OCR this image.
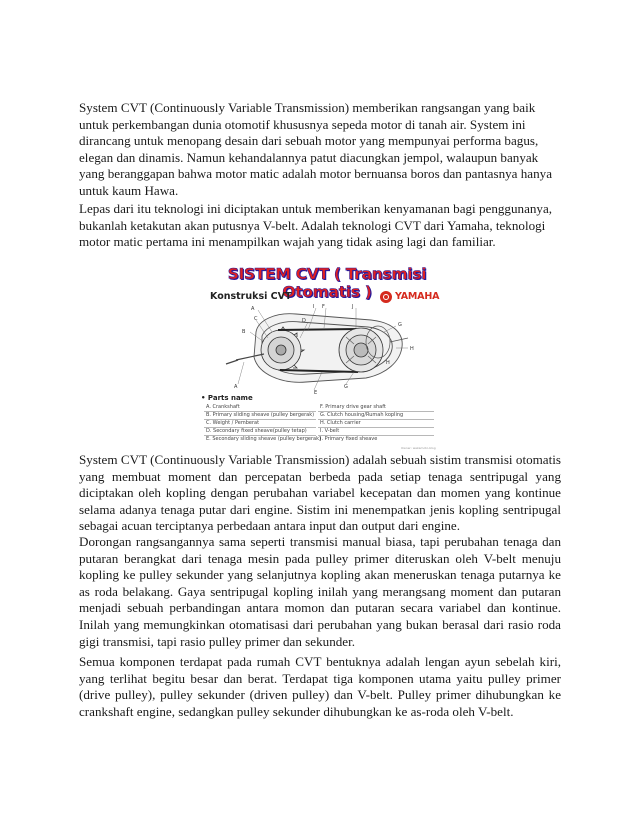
System CVT (Continuously Variable Transmission) memberikan rangsangan yang baik untuk perkembangan dunia otomotif khususnya sepeda motor di tanah air. System ini dirancang untuk menopang desain dari sebuah motor yang mempunyai performa bagus, elegan dan dinamis. Namun kehandalannya patut diacungkan jempol, walaupun banyak yang beranggapan bahwa motor matic adalah motor bernuansa boros dan pantasnya hanya untuk kaum Hawa.

Lepas dari itu teknologi ini diciptakan untuk memberikan kenyamanan bagi penggunanya, bukanlah ketakutan akan putusnya V-belt. Adalah teknologi CVT dari Yamaha, teknologi motor matic pertama ini menampilkan wajah yang tidak asing lagi dan familiar.

SISTEM CVT ( Transmisi Otomatis )
Konstruksi CVT	YAMAHA
A
C
B
I F	J
D
A
E
G
G
H
H
• Parts name
A. Crankshaft
B. Primary sliding sheave (pulley bergerak)
C. Weight / Pemberat
D. Secondary fixed sheave(pulley tetap)
E. Secondary sliding sheave (pulley bergerak)
F. Primary drive gear shaft
G. Clutch housing/Rumah kopling
H. Clutch carrier
I. V-belt
J. Primary fixed sheave
Owner: wakamoto.blog

System CVT (Continuously Variable Transmission) adalah sebuah sistim transmisi otomatis yang membuat moment dan percepatan berbeda pada setiap tenaga sentripugal yang diciptakan oleh kopling dengan perubahan variabel kecepatan dan momen yang kontinue selama adanya tenaga putar dari engine. Sistim ini menempatkan jenis kopling sentripugal sebagai acuan terciptanya perbedaan antara input dan output dari engine.

Dorongan rangsangannya sama seperti transmisi manual biasa, tapi perubahan tenaga dan putaran berangkat dari tenaga mesin pada pulley primer diteruskan oleh V-belt menuju kopling ke pulley sekunder yang selanjutnya kopling akan meneruskan tenaga putarnya ke as roda belakang. Gaya sentripugal kopling inilah yang merangsang moment dan putaran menjadi sebuah perbandingan antara momon dan putaran secara variabel dan kontinue. Inilah yang memungkinkan otomatisasi dari perubahan yang bukan berasal dari rasio roda gigi transmisi, tapi rasio pulley primer dan sekunder.

Semua komponen terdapat pada rumah CVT bentuknya adalah lengan ayun sebelah kiri, yang terlihat begitu besar dan berat. Terdapat tiga komponen utama yaitu pulley primer (drive pulley), pulley sekunder (driven pulley) dan V-belt. Pulley primer dihubungkan ke crankshaft engine, sedangkan pulley sekunder dihubungkan ke as-roda oleh V-belt.
